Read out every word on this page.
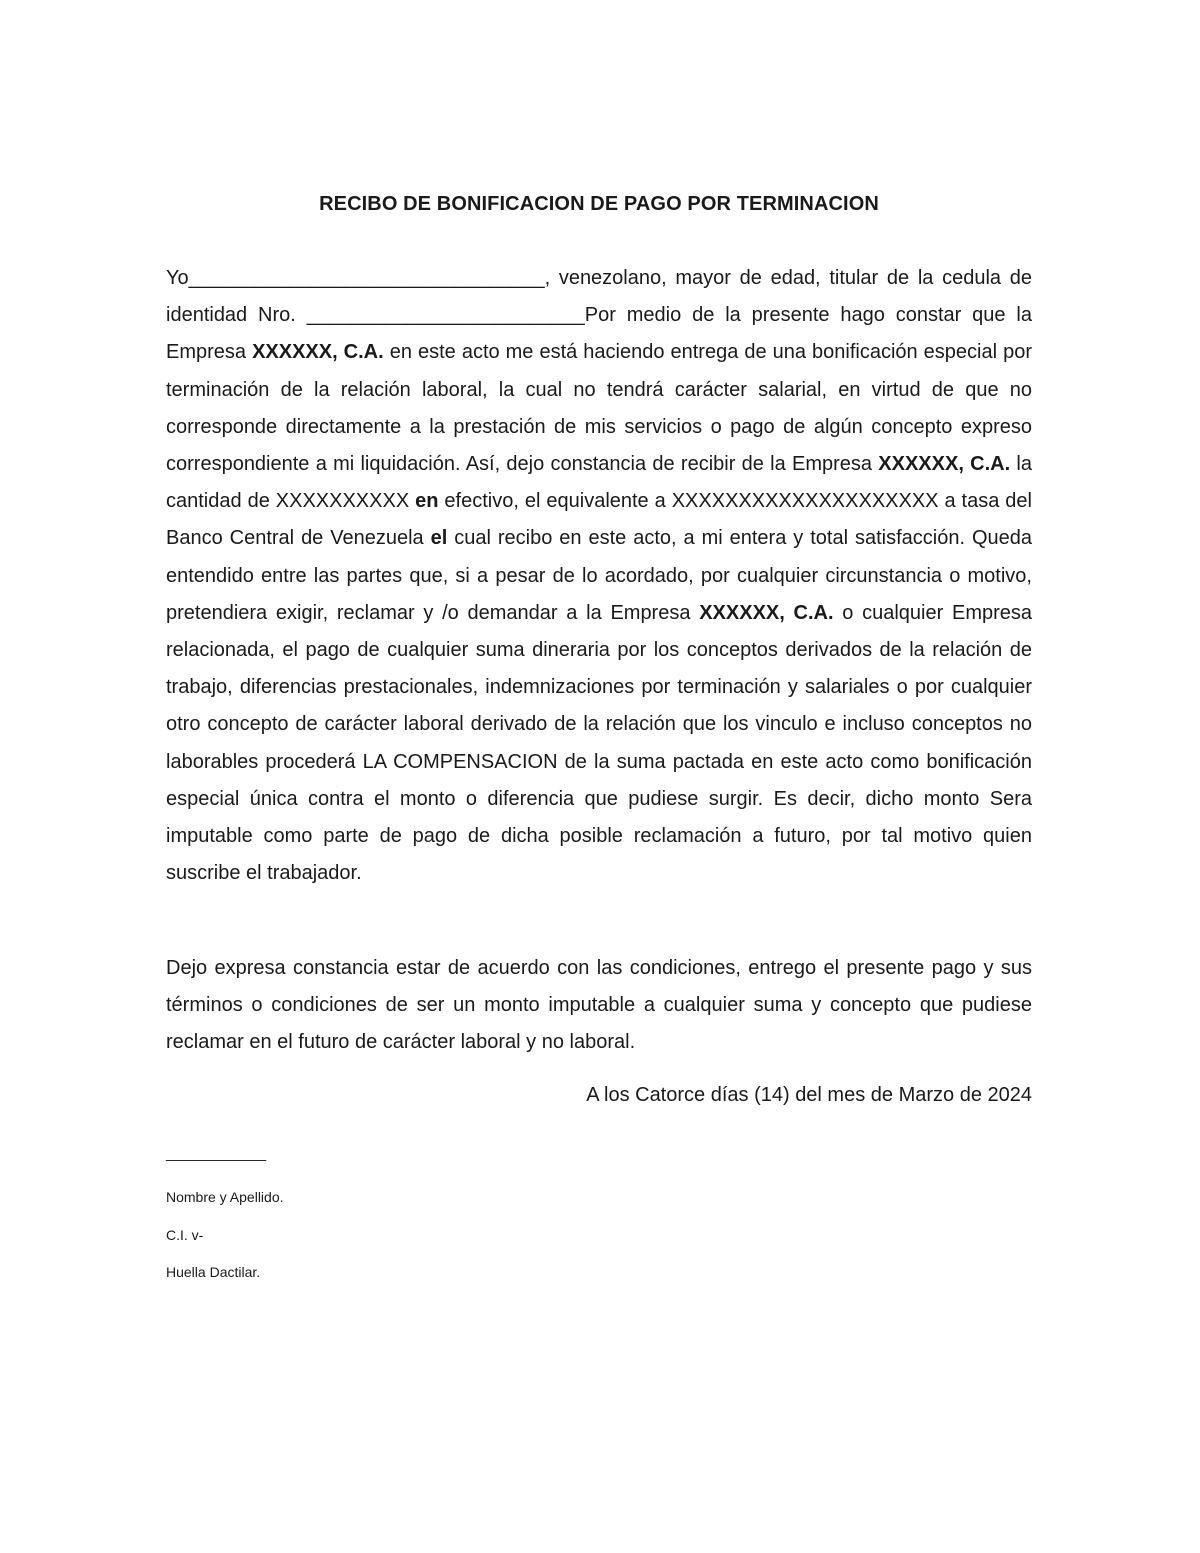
RECIBO DE BONIFICACION DE PAGO POR TERMINACION

Yo________________________________, venezolano, mayor de edad, titular de la cedula de identidad Nro. _________________________Por medio de la presente hago constar que la Empresa XXXXXX, C.A. en este acto me está haciendo entrega de una bonificación especial por terminación de la relación laboral, la cual no tendrá carácter salarial, en virtud de que no corresponde directamente a la prestación de mis servicios o pago de algún concepto expreso correspondiente a mi liquidación. Así, dejo constancia de recibir de la Empresa XXXXXX, C.A. la cantidad de XXXXXXXXXX en efectivo, el equivalente a XXXXXXXXXXXXXXXXXXXX a tasa del Banco Central de Venezuela el cual recibo en este acto, a mi entera y total satisfacción. Queda entendido entre las partes que, si a pesar de lo acordado, por cualquier circunstancia o motivo, pretendiera exigir, reclamar y /o demandar a la Empresa XXXXXX, C.A. o cualquier Empresa relacionada, el pago de cualquier suma dineraria por los conceptos derivados de la relación de trabajo, diferencias prestacionales, indemnizaciones por terminación y salariales o por cualquier otro concepto de carácter laboral derivado de la relación que los vinculo e incluso conceptos no laborables procederá LA COMPENSACION de la suma pactada en este acto como bonificación especial única contra el monto o diferencia que pudiese surgir. Es decir, dicho monto Sera imputable como parte de pago de dicha posible reclamación a futuro, por tal motivo quien suscribe el trabajador.

Dejo expresa constancia estar de acuerdo con las condiciones, entrego el presente pago y sus términos o condiciones de ser un monto imputable a cualquier suma y concepto que pudiese reclamar en el futuro de carácter laboral y no laboral.

A los Catorce días (14) del mes de Marzo de 2024

____________

Nombre y Apellido.

C.I. v-

Huella Dactilar.
